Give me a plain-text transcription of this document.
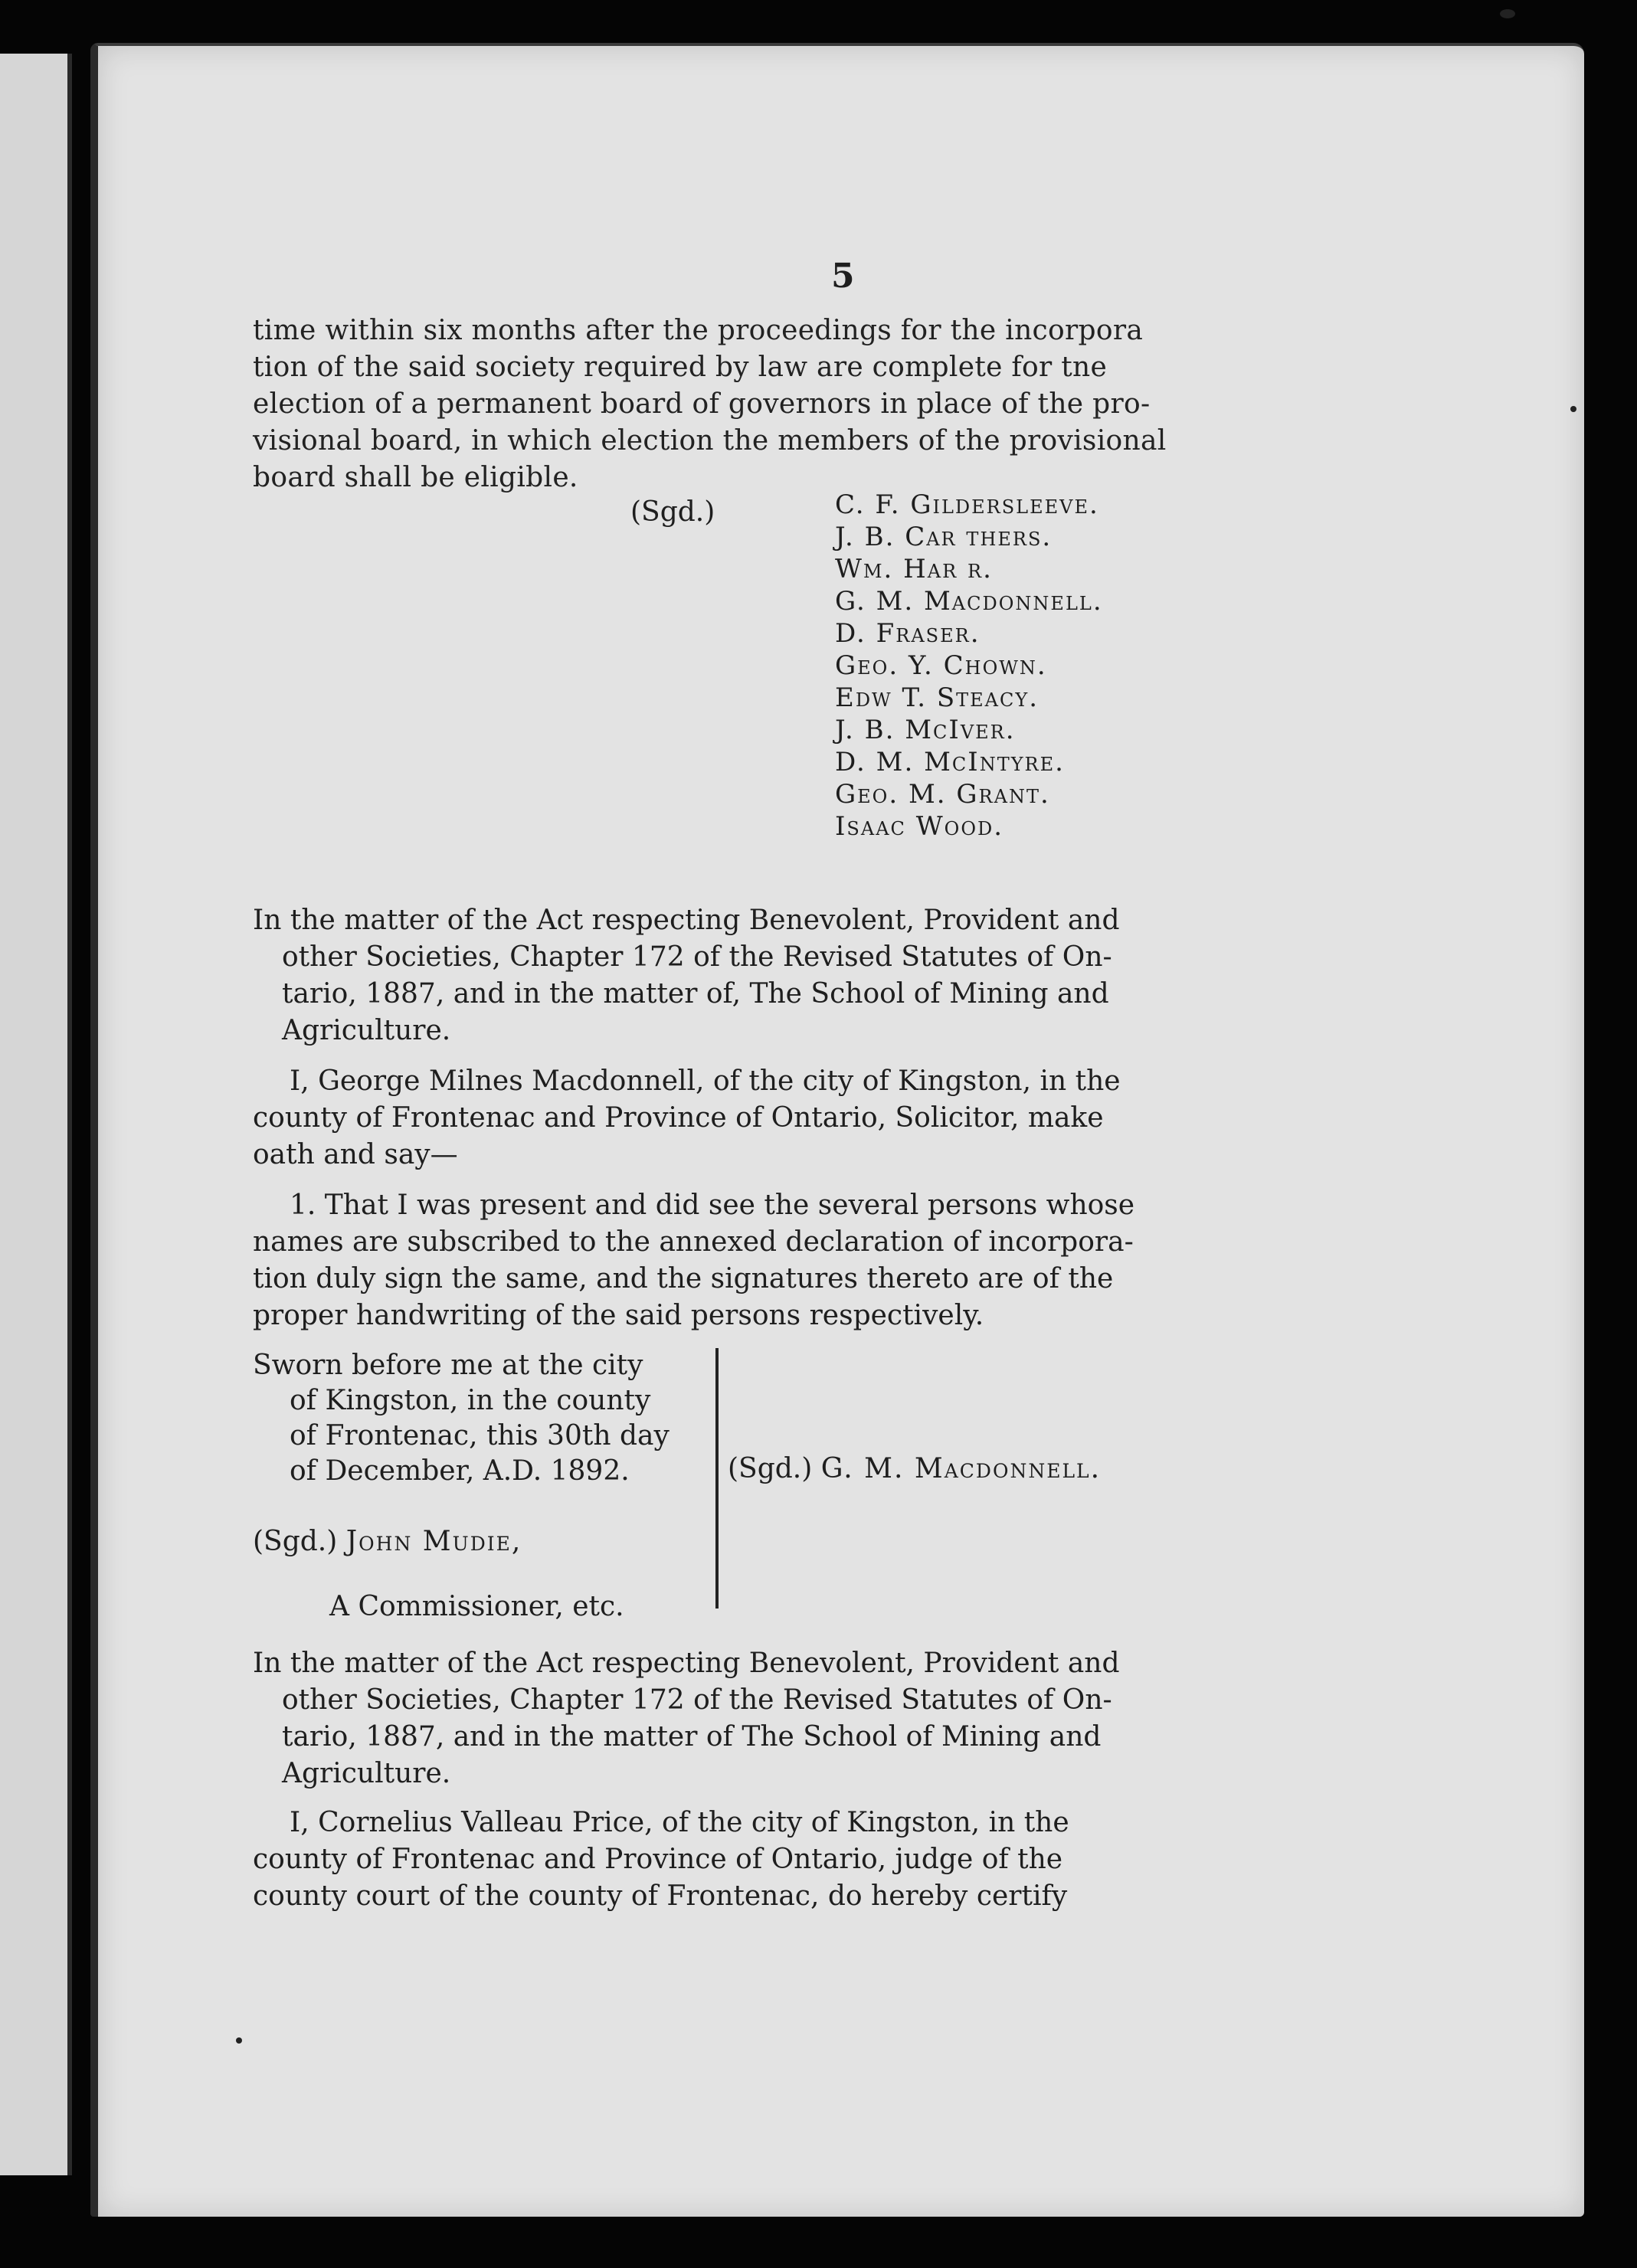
5
time within six months after the proceedings for the incorpora
tion of the said society required by law are complete for tne
election of a permanent board of governors in place of the pro-
visional board, in which election the members of the provisional
board shall be eligible.
(Sgd.)	C. F. Gildersleeve.
J. B. Car thers.
Wm. Har r.
G. M. Macdonnell.
D. Fraser.
Geo. Y. Chown.
Edw T. Steacy.
J. B. McIver.
D. M. McIntyre.
Geo. M. Grant.
Isaac Wood.
In the matter of the Act respecting Benevolent, Provident and
other Societies, Chapter 172 of the Revised Statutes of On-
tario, 1887, and in the matter of, The School of Mining and
Agriculture.
I, George Milnes Macdonnell, of the city of Kingston, in the
county of Frontenac and Province of Ontario, Solicitor, make
oath and say—
1. That I was present and did see the several persons whose
names are subscribed to the annexed declaration of incorpora-
tion duly sign the same, and the signatures thereto are of the
proper handwriting of the said persons respectively.
Sworn before me at the city
of Kingston, in the county
of Frontenac, this 30th day
of December, A.D. 1892.	(Sgd.) G. M. Macdonnell.
(Sgd.) John Mudie,
A Commissioner, etc.
In the matter of the Act respecting Benevolent, Provident and
other Societies, Chapter 172 of the Revised Statutes of On-
tario, 1887, and in the matter of The School of Mining and
Agriculture.
I, Cornelius Valleau Price, of the city of Kingston, in the
county of Frontenac and Province of Ontario, judge of the
county court of the county of Frontenac, do hereby certify
